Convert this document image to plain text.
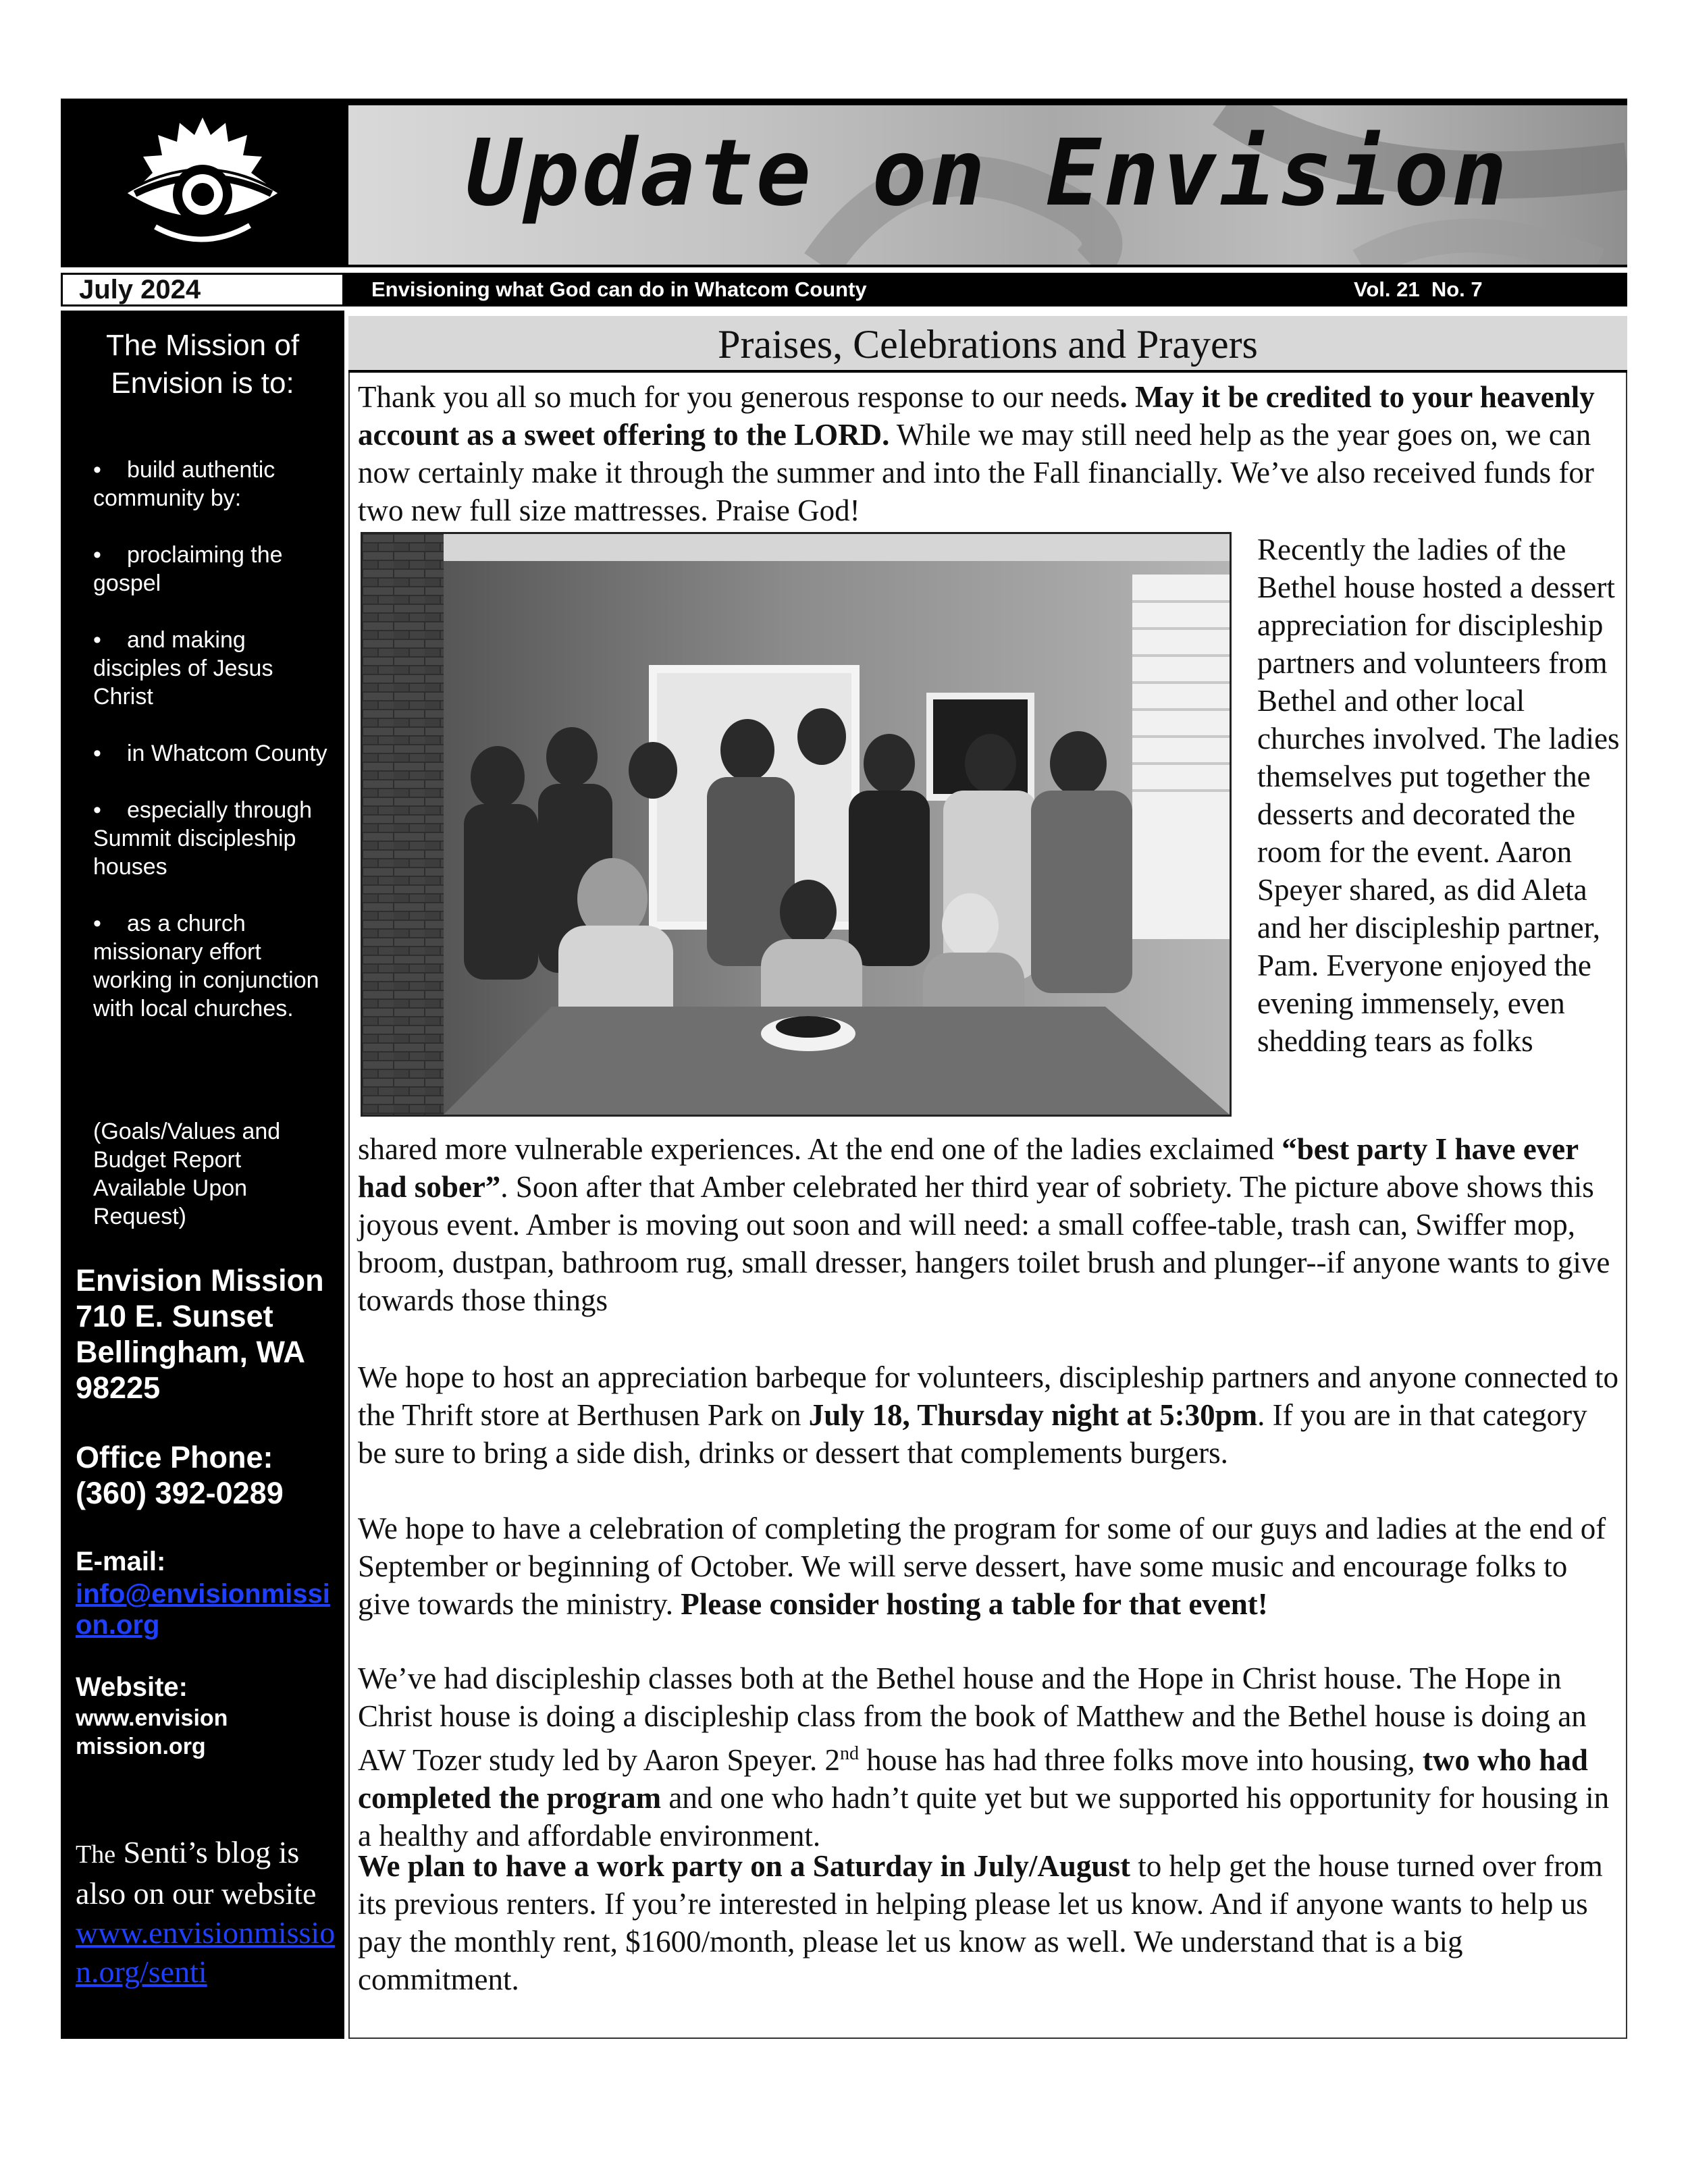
Update on Envision
July 2024	Envisioning what God can do in Whatcom County	Vol. 21  No. 7
The Mission of Envision is to:
• build authentic community by:
• proclaiming the gospel
• and making disciples of Jesus Christ
• in Whatcom County
• especially through Summit discipleship houses
• as a church missionary effort working in conjunction with local churches.
(Goals/Values and Budget Report Available Upon Request)
Envision Mission
710 E. Sunset
Bellingham, WA
98225
Office Phone:
(360) 392-0289
E-mail:
info@envisionmission.org
Website:
www.envision mission.org
The Senti’s blog is also on our website www.envisionmission.org/senti
Praises, Celebrations and Prayers
Thank you all so much for you generous response to our needs. May it be credited to your heavenly account as a sweet offering to the LORD. While we may still need help as the year goes on, we can now certainly make it through the summer and into the Fall financially. We’ve also received funds for two new full size mattresses. Praise God!
Recently the ladies of the Bethel house hosted a dessert appreciation for discipleship partners and volunteers from Bethel and other local churches involved. The ladies themselves put together the desserts and decorated the room for the event. Aaron Speyer shared, as did Aleta and her discipleship partner, Pam. Everyone enjoyed the evening immensely, even shedding tears as folks
shared more vulnerable experiences. At the end one of the ladies exclaimed “best party I have ever had sober”. Soon after that Amber celebrated her third year of sobriety. The picture above shows this joyous event. Amber is moving out soon and will need: a small coffee-table, trash can, Swiffer mop, broom, dustpan, bathroom rug, small dresser, hangers toilet brush and plunger--if anyone wants to give towards those things
We hope to host an appreciation barbeque for volunteers, discipleship partners and anyone connected to the Thrift store at Berthusen Park on July 18, Thursday night at 5:30pm. If you are in that category be sure to bring a side dish, drinks or dessert that complements burgers.
We hope to have a celebration of completing the program for some of our guys and ladies at the end of September or beginning of October. We will serve dessert, have some music and encourage folks to give towards the ministry. Please consider hosting a table for that event!
We’ve had discipleship classes both at the Bethel house and the Hope in Christ house. The Hope in Christ house is doing a discipleship class from the book of Matthew and the Bethel house is doing an AW Tozer study led by Aaron Speyer. 2nd house has had three folks move into housing, two who had completed the program and one who hadn’t quite yet but we supported his opportunity for housing in a healthy and affordable environment.
We plan to have a work party on a Saturday in July/August to help get the house turned over from its previous renters. If you’re interested in helping please let us know. And if anyone wants to help us pay the monthly rent, $1600/month, please let us know as well. We understand that is a big commitment.
